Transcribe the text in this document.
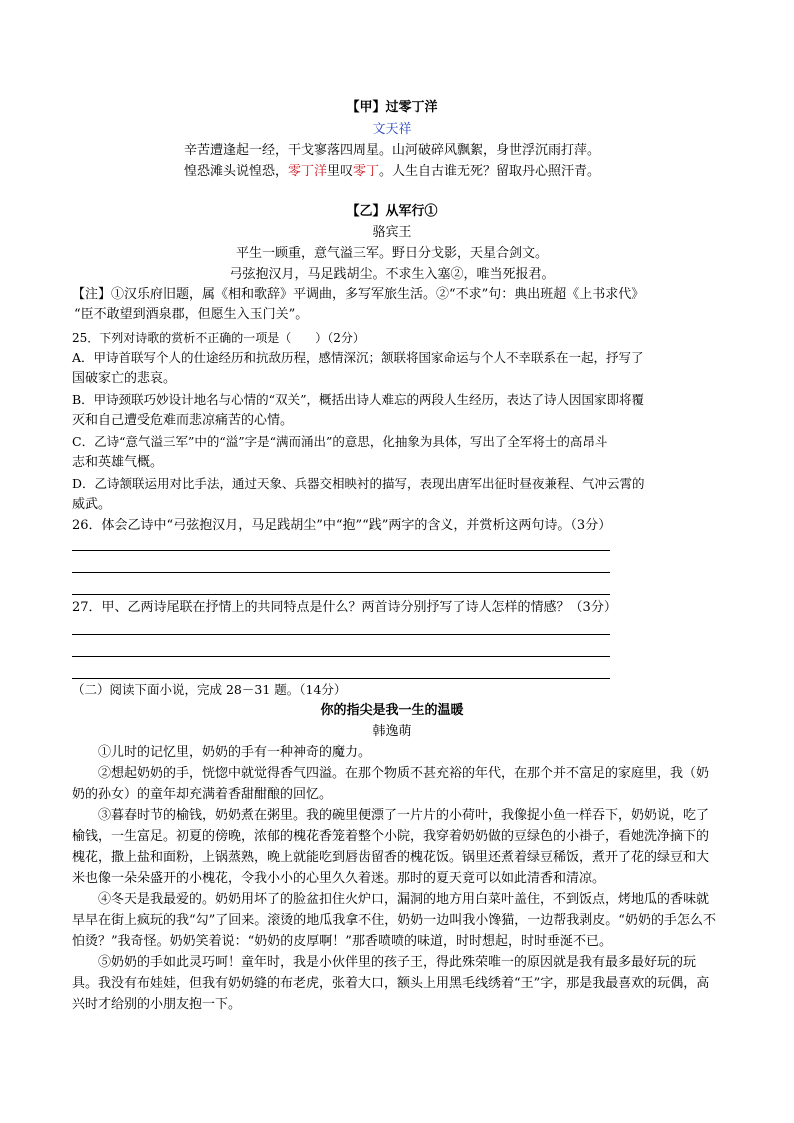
【甲】过零丁洋
文天祥
辛苦遭逢起一经，干戈寥落四周星。山河破碎风飘絮，身世浮沉雨打萍。
惶恐滩头说惶恐，零丁洋里叹零丁。人生自古谁无死？留取丹心照汗青。
【乙】从军行①
骆宾王
平生一顾重，意气溢三军。野日分戈影，天星合剑文。
弓弦抱汉月，马足践胡尘。不求生入塞②，唯当死报君。
【注】①汉乐府旧题，属《相和歌辞》平调曲，多写军旅生活。②“不求”句：典出班超《上书求代》
“臣不敢望到酒泉郡，但愿生入玉门关”。
25．下列对诗歌的赏析不正确的一项是（　　）（2分）
A．甲诗首联写个人的仕途经历和抗敌历程，感情深沉；颔联将国家命运与个人不幸联系在一起，抒写了
国破家亡的悲哀。
B．甲诗颈联巧妙设计地名与心情的“双关”，概括出诗人难忘的两段人生经历，表达了诗人因国家即将覆
灭和自己遭受危难而悲凉痛苦的心情。
C．乙诗“意气溢三军”中的“溢”字是“满而涌出”的意思，化抽象为具体，写出了全军将士的高昂斗
志和英雄气概。
D．乙诗颔联运用对比手法，通过天象、兵器交相映衬的描写，表现出唐军出征时昼夜兼程、气冲云霄的
威武。
26．体会乙诗中“弓弦抱汉月，马足践胡尘”中“抱”“践”两字的含义，并赏析这两句诗。（3分）
27．甲、乙两诗尾联在抒情上的共同特点是什么？两首诗分别抒写了诗人怎样的情感？（3分）
（二）阅读下面小说，完成 28－31 题。（14分）
你的指尖是我一生的温暖
韩逸萌

①儿时的记忆里，奶奶的手有一种神奇的魔力。

②想起奶奶的手，恍惚中就觉得香气四溢。在那个物质不甚充裕的年代，在那个并不富足的家庭里，我（奶奶的孙女）的童年却充满着香甜酣酿的回忆。

③暮春时节的榆钱，奶奶煮在粥里。我的碗里便漂了一片片的小荷叶，我像捉小鱼一样吞下，奶奶说，吃了榆钱，一生富足。初夏的傍晚，浓郁的槐花香笼着整个小院，我穿着奶奶做的豆绿色的小褂子，看她洗净摘下的槐花，撒上盐和面粉，上锅蒸熟，晚上就能吃到唇齿留香的槐花饭。锅里还煮着绿豆稀饭，煮开了花的绿豆和大米也像一朵朵盛开的小槐花，令我小小的心里久久着迷。那时的夏天竟可以如此清香和清凉。

④冬天是我最爱的。奶奶用坏了的脸盆扣住火炉口，漏洞的地方用白菜叶盖住，不到饭点，烤地瓜的香味就早早在街上疯玩的我“勾”了回来。滚烫的地瓜我拿不住，奶奶一边叫我小馋猫，一边帮我剥皮。“奶奶的手怎么不怕烫？”我奇怪。奶奶笑着说：“奶奶的皮厚啊！”那香喷喷的味道，时时想起，时时垂涎不已。

⑤奶奶的手如此灵巧呵！童年时，我是小伙伴里的孩子王，得此殊荣唯一的原因就是我有最多最好玩的玩具。我没有布娃娃，但我有奶奶缝的布老虎，张着大口，额头上用黑毛线绣着“王”字，那是我最喜欢的玩偶，高兴时才给别的小朋友抱一下。
